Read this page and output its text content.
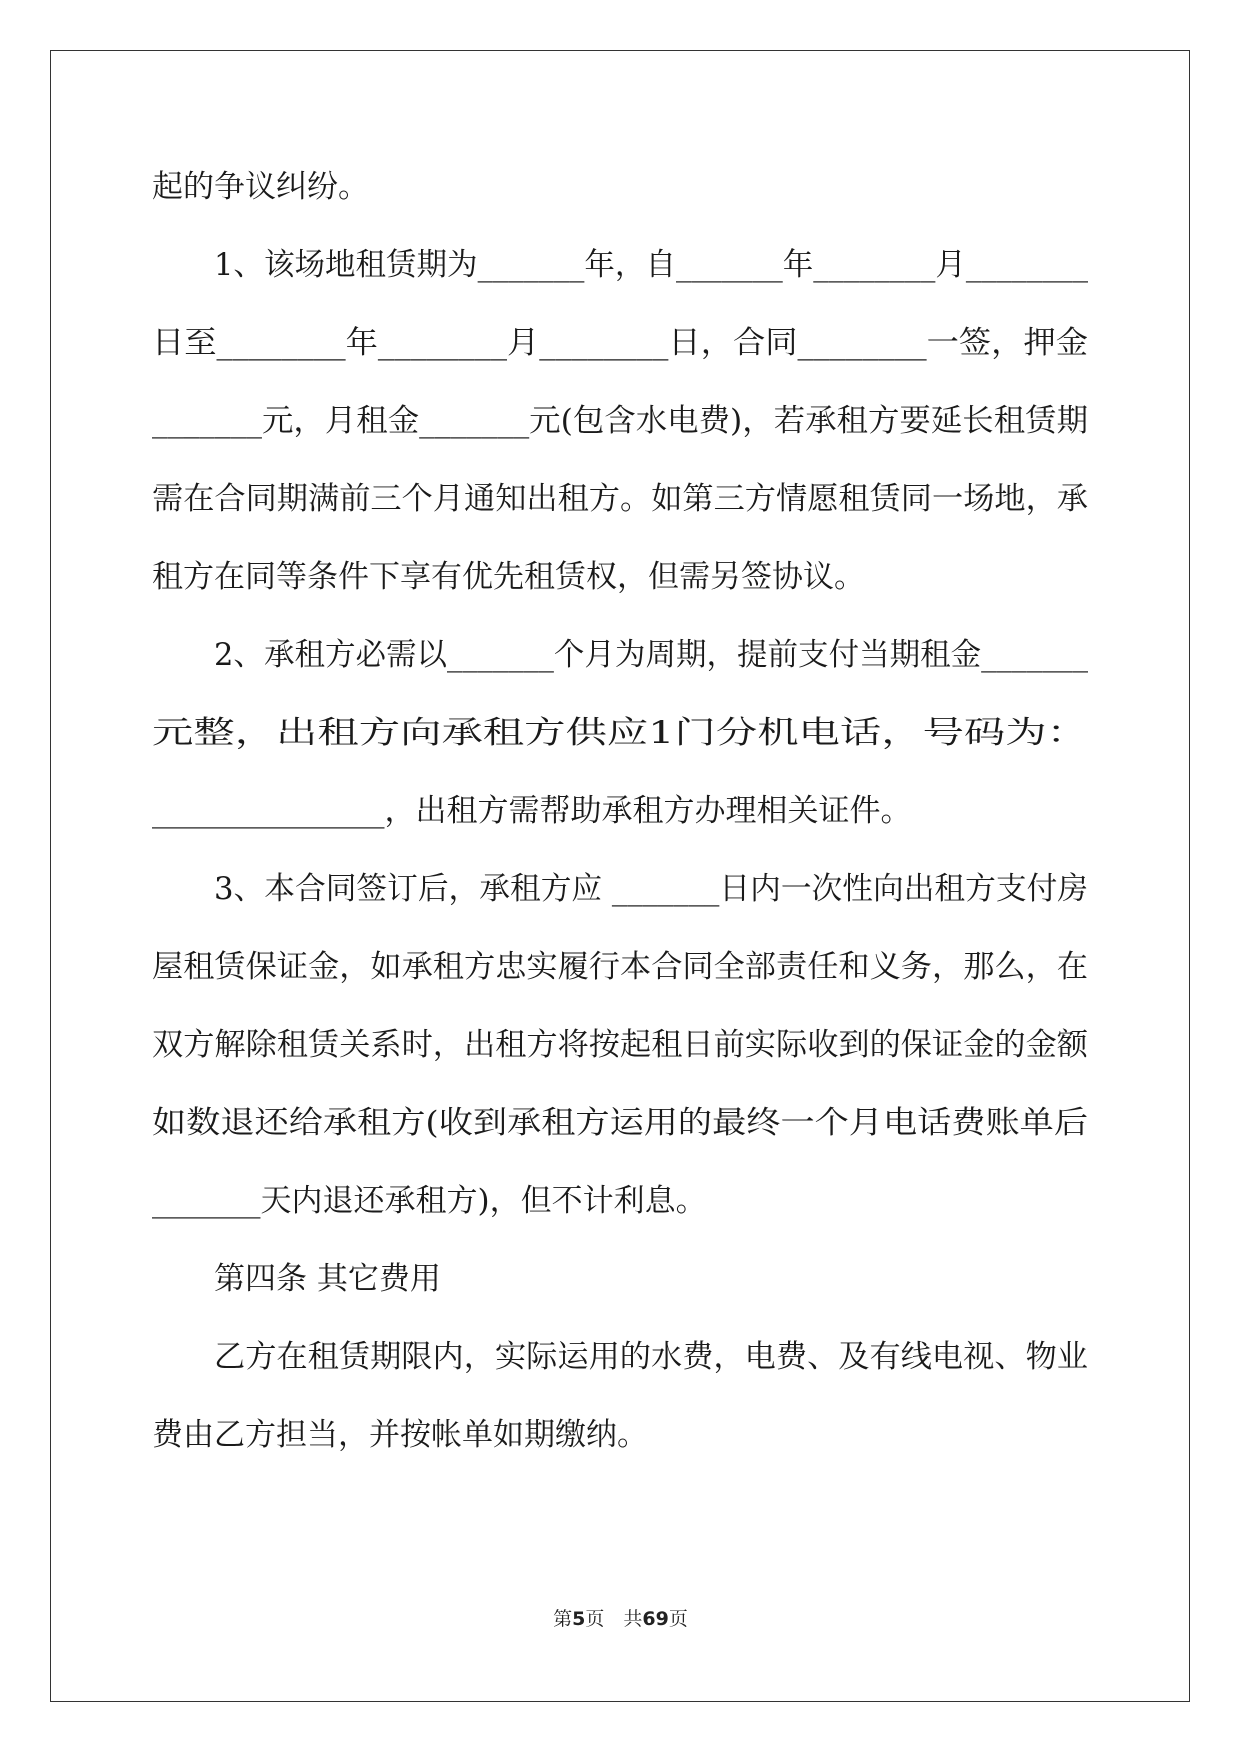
起的争议纠纷。
1、该场地租赁期为_______年，自_______年________月________
日至________年________月________日，合同________一签，押金
_______元，月租金_______元(包含水电费)，若承租方要延长租赁期
需在合同期满前三个月通知出租方。如第三方情愿租赁同一场地，承
租方在同等条件下享有优先租赁权，但需另签协议。
2、承租方必需以_______个月为周期，提前支付当期租金_______
元整，出租方向承租方供应1门分机电话，号码为：
_______________，出租方需帮助承租方办理相关证件。
3、本合同签订后，承租方应 _______日内一次性向出租方支付房
屋租赁保证金，如承租方忠实履行本合同全部责任和义务，那么，在
双方解除租赁关系时，出租方将按起租日前实际收到的保证金的金额
如数退还给承租方(收到承租方运用的最终一个月电话费账单后
_______天内退还承租方)，但不计利息。
第四条 其它费用
乙方在租赁期限内，实际运用的水费，电费、及有线电视、物业
费由乙方担当，并按帐单如期缴纳。
第5页　共69页
